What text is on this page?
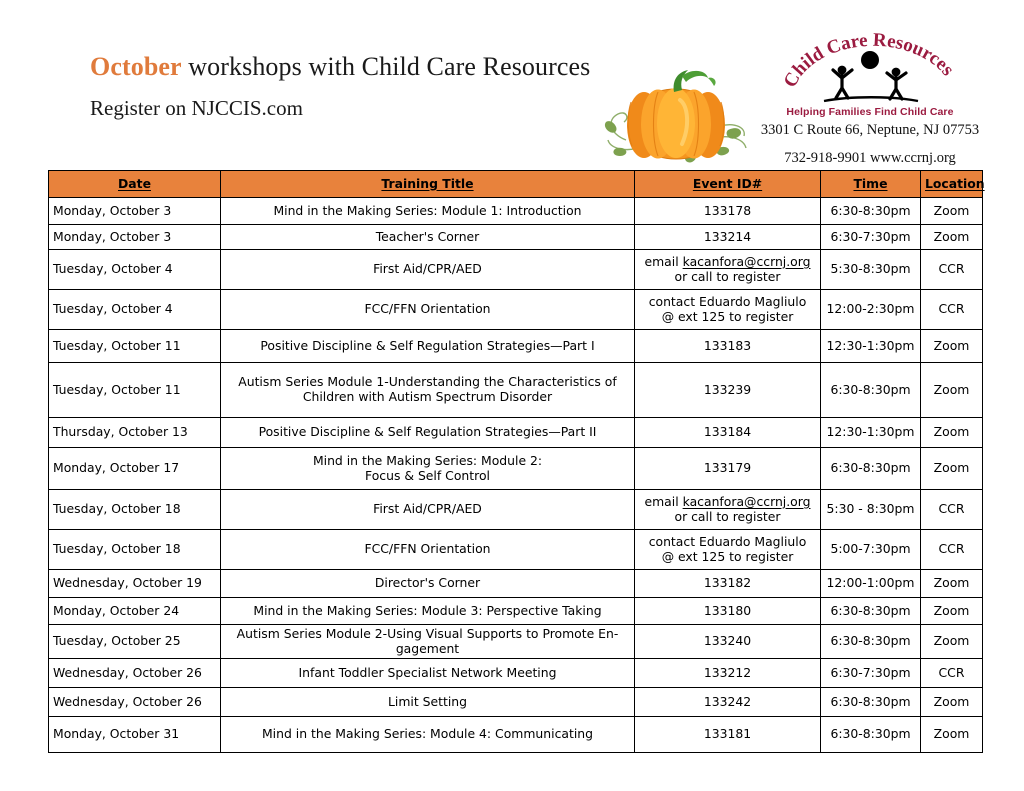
October workshops with Child Care Resources
Register on NJCCIS.com
Child Care Resources
Helping Families Find Child Care
3301 C Route 66, Neptune, NJ 07753
732-918-9901 www.ccrnj.org
Date	Training Title	Event ID#	Time	Location
Monday, October 3	Mind in the Making Series: Module 1: Introduction	133178	6:30-8:30pm	Zoom
Monday, October 3	Teacher's Corner	133214	6:30-7:30pm	Zoom
Tuesday, October 4	First Aid/CPR/AED	email kacanfora@ccrnj.org
or call to register	5:30-8:30pm	CCR
Tuesday, October 4	FCC/FFN Orientation	contact Eduardo Magliulo
@ ext 125 to register	12:00-2:30pm	CCR
Tuesday, October 11	Positive Discipline & Self Regulation Strategies—Part I	133183	12:30-1:30pm	Zoom
Tuesday, October 11	Autism Series Module 1-Understanding the Characteristics of
Children with Autism Spectrum Disorder	133239	6:30-8:30pm	Zoom
Thursday, October 13	Positive Discipline & Self Regulation Strategies—Part II	133184	12:30-1:30pm	Zoom
Monday, October 17	Mind in the Making Series: Module 2:
Focus & Self Control	133179	6:30-8:30pm	Zoom
Tuesday, October 18	First Aid/CPR/AED	email kacanfora@ccrnj.org
or call to register	5:30 - 8:30pm	CCR
Tuesday, October 18	FCC/FFN Orientation	contact Eduardo Magliulo
@ ext 125 to register	5:00-7:30pm	CCR
Wednesday, October 19	Director's Corner	133182	12:00-1:00pm	Zoom
Monday, October 24	Mind in the Making Series: Module 3: Perspective Taking	133180	6:30-8:30pm	Zoom
Tuesday, October 25	Autism Series Module 2-Using Visual Supports to Promote En-
gagement	133240	6:30-8:30pm	Zoom
Wednesday, October 26	Infant Toddler Specialist Network Meeting	133212	6:30-7:30pm	CCR
Wednesday, October 26	Limit Setting	133242	6:30-8:30pm	Zoom
Monday, October 31	Mind in the Making Series: Module 4: Communicating	133181	6:30-8:30pm	Zoom
